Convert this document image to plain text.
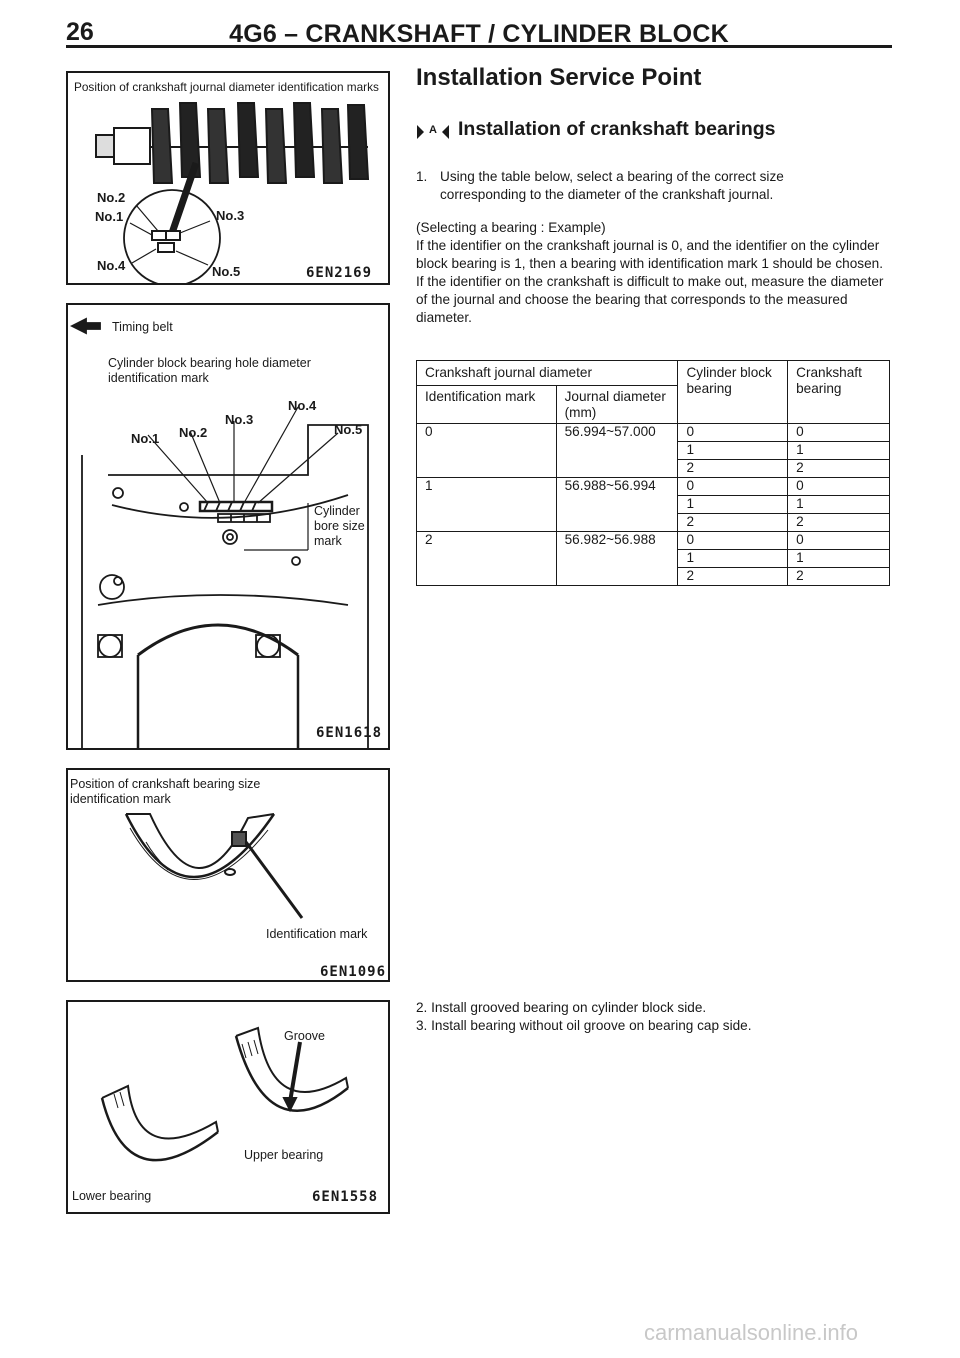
26	4G6 – CRANKSHAFT / CYLINDER BLOCK
Position of crankshaft journal diameter identification marks
No.2
No.1	No.3
No.4	No.5	6EN2169
Timing belt
Cylinder block bearing hole diameter identification mark
No.1 No.2
No.3
No.4
No.5
Cylinder bore size mark
6EN1618
Position of crankshaft bearing size identification mark
Identification mark
6EN1096
Groove
Upper bearing
Lower bearing	6EN1558
Installation Service Point
A Installation of crankshaft bearings
1. Using the table below, select a bearing of the correct size corresponding to the diameter of the crankshaft journal.
(Selecting a bearing : Example)
If the identifier on the crankshaft journal is 0, and the identifier on the cylinder block bearing is 1, then a bearing with identification mark 1 should be chosen.
If the identifier on the crankshaft is difficult to make out, measure the diameter of the journal and choose the bearing that corresponds to the measured diameter.
Crankshaft journal diameter		Cylinder block bearing	Crankshaft bearing
Identification mark	Journal diameter (mm)		
0	56.994~57.000	0	0
		1	1
		2	2
1	56.988~56.994	0	0
		1	1
		2	2
2	56.982~56.988	0	0
		1	1
		2	2
2. Install grooved bearing on cylinder block side.
3. Install bearing without oil groove on bearing cap side.
carmanualsonline.info
